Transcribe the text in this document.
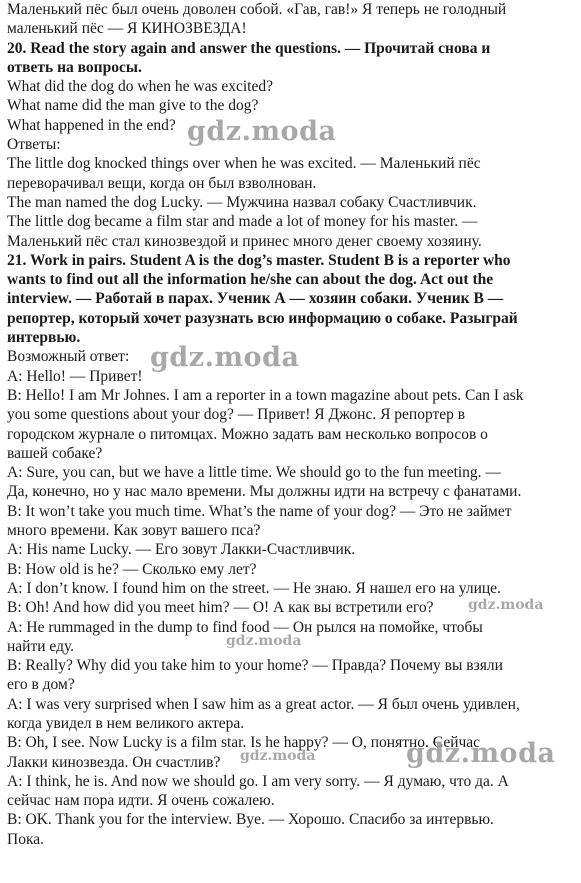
Маленький пёс был очень доволен собой. «Гав, гав!» Я теперь не голодный
маленький пёс — Я КИНОЗВЕЗДА!
20. Read the story again and answer the questions. — Прочитай снова и
ответь на вопросы.
What did the dog do when he was excited?
What name did the man give to the dog?
What happened in the end?
Ответы:
The little dog knocked things over when he was excited. — Маленький пёс
переворачивал вещи, когда он был взволнован.
The man named the dog Lucky. — Мужчина назвал собаку Счастливчик.
The little dog became a film star and made a lot of money for his master. —
Маленький пёс стал кинозвездой и принес много денег своему хозяину.
21. Work in pairs. Student A is the dog’s master. Student B is a reporter who
wants to find out all the information he/she can about the dog. Act out the
interview. — Работай в парах. Ученик А — хозяин собаки. Ученик В —
репортер, который хочет разузнать всю информацию о собаке. Разыграй
интервью.
Возможный ответ:
A: Hello! — Привет!
B: Hello! I am Mr Johnes. I am a reporter in a town magazine about pets. Can I ask
you some questions about your dog? — Привет! Я Джонс. Я репортер в
городском журнале о питомцах. Можно задать вам несколько вопросов о
вашей собаке?
A: Sure, you can, but we have a little time. We should go to the fun meeting. —
Да, конечно, но у нас мало времени. Мы должны идти на встречу с фанатами.
B: It won’t take you much time. What’s the name of your dog? — Это не займет
много времени. Как зовут вашего пса?
A: His name Lucky. — Его зовут Лакки-Счастливчик.
B: How old is he? — Сколько ему лет?
A: I don’t know. I found him on the street. — Не знаю. Я нашел его на улице.
B: Oh! And how did you meet him? — О! А как вы встретили его?
A: He rummaged in the dump to find food — Он рылся на помойке, чтобы
найти еду.
B: Really? Why did you take him to your home? — Правда? Почему вы взяли
его в дом?
A: I was very surprised when I saw him as a great actor. — Я был очень удивлен,
когда увидел в нем великого актера.
B: Oh, I see. Now Lucky is a film star. Is he happy? — О, понятно. Сейчас
Лакки кинозвезда. Он счастлив?
A: I think, he is. And now we should go. I am very sorry. — Я думаю, что да. А
сейчас нам пора идти. Я очень сожалею.
B: OK. Thank you for the interview. Bye. — Хорошо. Спасибо за интервью.
Пока.
gdz.moda
gdz.moda
gdz.moda
gdz.moda
gdz.moda
gdz.moda
